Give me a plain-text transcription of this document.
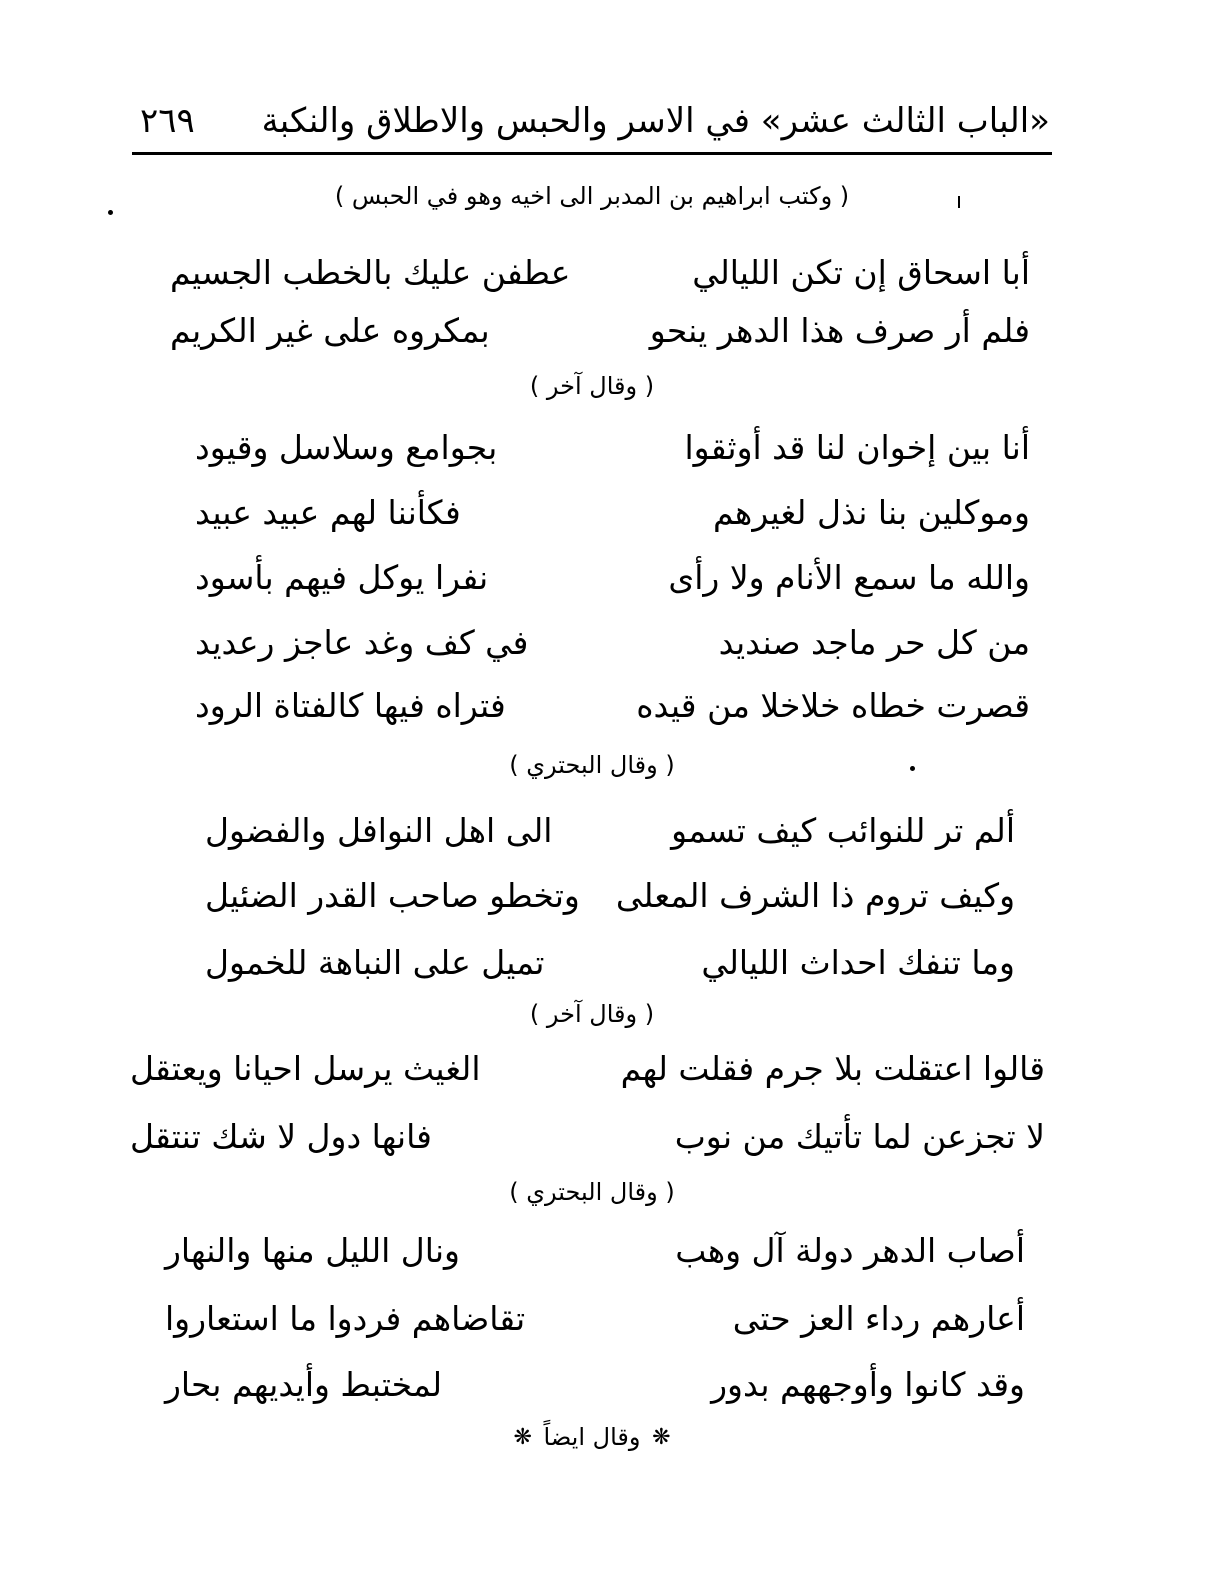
«الباب الثالث عشر» في الاسر والحبس والاطلاق والنكبة
٢٦٩
( وكتب ابراهيم بن المدبر الى اخيه وهو في الحبس )
أبا اسحاق إن تكن الليالي
عطفن عليك بالخطب الجسيم
فلم أر صرف هذا الدهر ينحو
بمكروه على غير الكريم
( وقال آخر )
أنا بين إخوان لنا قد أوثقوا
بجوامع وسلاسل وقيود
وموكلين بنا نذل لغيرهم
فكأننا لهم عبيد عبيد
والله ما سمع الأنام ولا رأى
نفرا يوكل فيهم بأسود
من كل حر ماجد صنديد
في كف وغد عاجز رعديد
قصرت خطاه خلاخلا من قيده
فتراه فيها كالفتاة الرود
( وقال البحتري )
ألم تر للنوائب كيف تسمو
الى اهل النوافل والفضول
وكيف تروم ذا الشرف المعلى
وتخطو صاحب القدر الضئيل
وما تنفك احداث الليالي
تميل على النباهة للخمول
( وقال آخر )
قالوا اعتقلت بلا جرم فقلت لهم
الغيث يرسل احيانا ويعتقل
لا تجزعن لما تأتيك من نوب
فانها دول لا شك تنتقل
( وقال البحتري )
أصاب الدهر دولة آل وهب
ونال الليل منها والنهار
أعارهم رداء العز حتى
تقاضاهم فردوا ما استعاروا
وقد كانوا وأوجههم بدور
لمختبط وأيديهم بحار
❋ وقال ايضاً ❋
